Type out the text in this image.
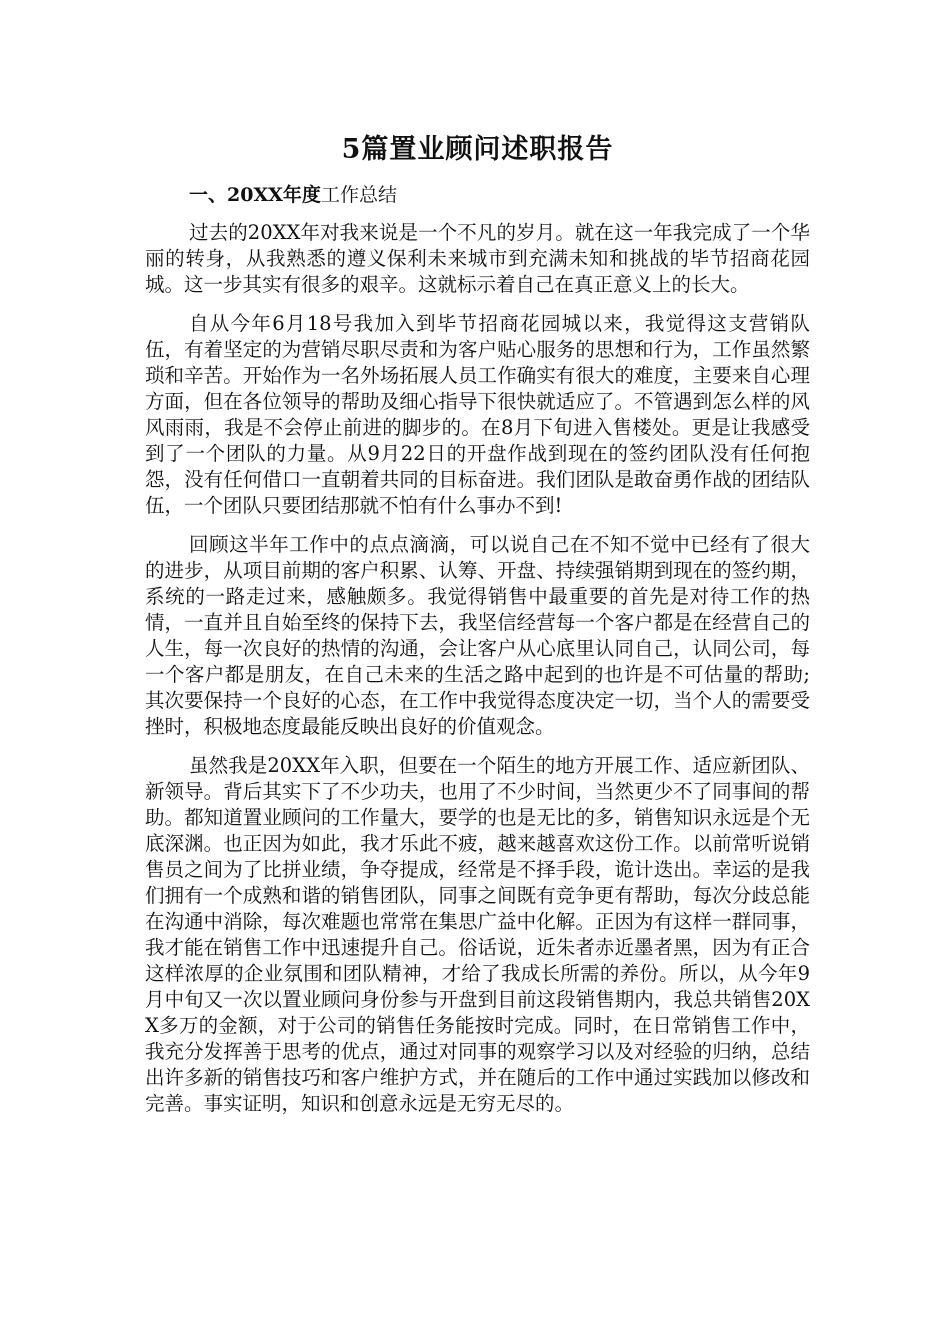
5篇置业顾问述职报告
一、20XX年度工作总结

过去的20XX年对我来说是一个不凡的岁月。就在这一年我完成了一个华丽的转身，从我熟悉的遵义保利未来城市到充满未知和挑战的毕节招商花园城。这一步其实有很多的艰辛。这就标示着自己在真正意义上的长大。

自从今年6月18号我加入到毕节招商花园城以来，我觉得这支营销队伍，有着坚定的为营销尽职尽责和为客户贴心服务的思想和行为，工作虽然繁琐和辛苦。开始作为一名外场拓展人员工作确实有很大的难度，主要来自心理方面，但在各位领导的帮助及细心指导下很快就适应了。不管遇到怎么样的风风雨雨，我是不会停止前进的脚步的。在8月下旬进入售楼处。更是让我感受到了一个团队的力量。从9月22日的开盘作战到现在的签约团队没有任何抱怨，没有任何借口一直朝着共同的目标奋进。我们团队是敢奋勇作战的团结队伍，一个团队只要团结那就不怕有什么事办不到!

回顾这半年工作中的点点滴滴，可以说自己在不知不觉中已经有了很大的进步，从项目前期的客户积累、认筹、开盘、持续强销期到现在的签约期，系统的一路走过来，感触颇多。我觉得销售中最重要的首先是对待工作的热情，一直并且自始至终的保持下去，我坚信经营每一个客户都是在经营自己的人生，每一次良好的热情的沟通，会让客户从心底里认同自己，认同公司，每一个客户都是朋友，在自己未来的生活之路中起到的也许是不可估量的帮助;其次要保持一个良好的心态，在工作中我觉得态度决定一切，当个人的需要受挫时，积极地态度最能反映出良好的价值观念。

虽然我是20XX年入职，但要在一个陌生的地方开展工作、适应新团队、新领导。背后其实下了不少功夫，也用了不少时间，当然更少不了同事间的帮助。都知道置业顾问的工作量大，要学的也是无比的多，销售知识永远是个无底深渊。也正因为如此，我才乐此不疲，越来越喜欢这份工作。以前常听说销售员之间为了比拼业绩，争夺提成，经常是不择手段，诡计迭出。幸运的是我们拥有一个成熟和谐的销售团队，同事之间既有竞争更有帮助，每次分歧总能在沟通中消除，每次难题也常常在集思广益中化解。正因为有这样一群同事，我才能在销售工作中迅速提升自己。俗话说，近朱者赤近墨者黑，因为有正合这样浓厚的企业氛围和团队精神，才给了我成长所需的养份。所以，从今年9月中旬又一次以置业顾问身份参与开盘到目前这段销售期内，我总共销售20XX多万的金额，对于公司的销售任务能按时完成。同时，在日常销售工作中，我充分发挥善于思考的优点，通过对同事的观察学习以及对经验的归纳，总结出许多新的销售技巧和客户维护方式，并在随后的工作中通过实践加以修改和完善。事实证明，知识和创意永远是无穷无尽的。
